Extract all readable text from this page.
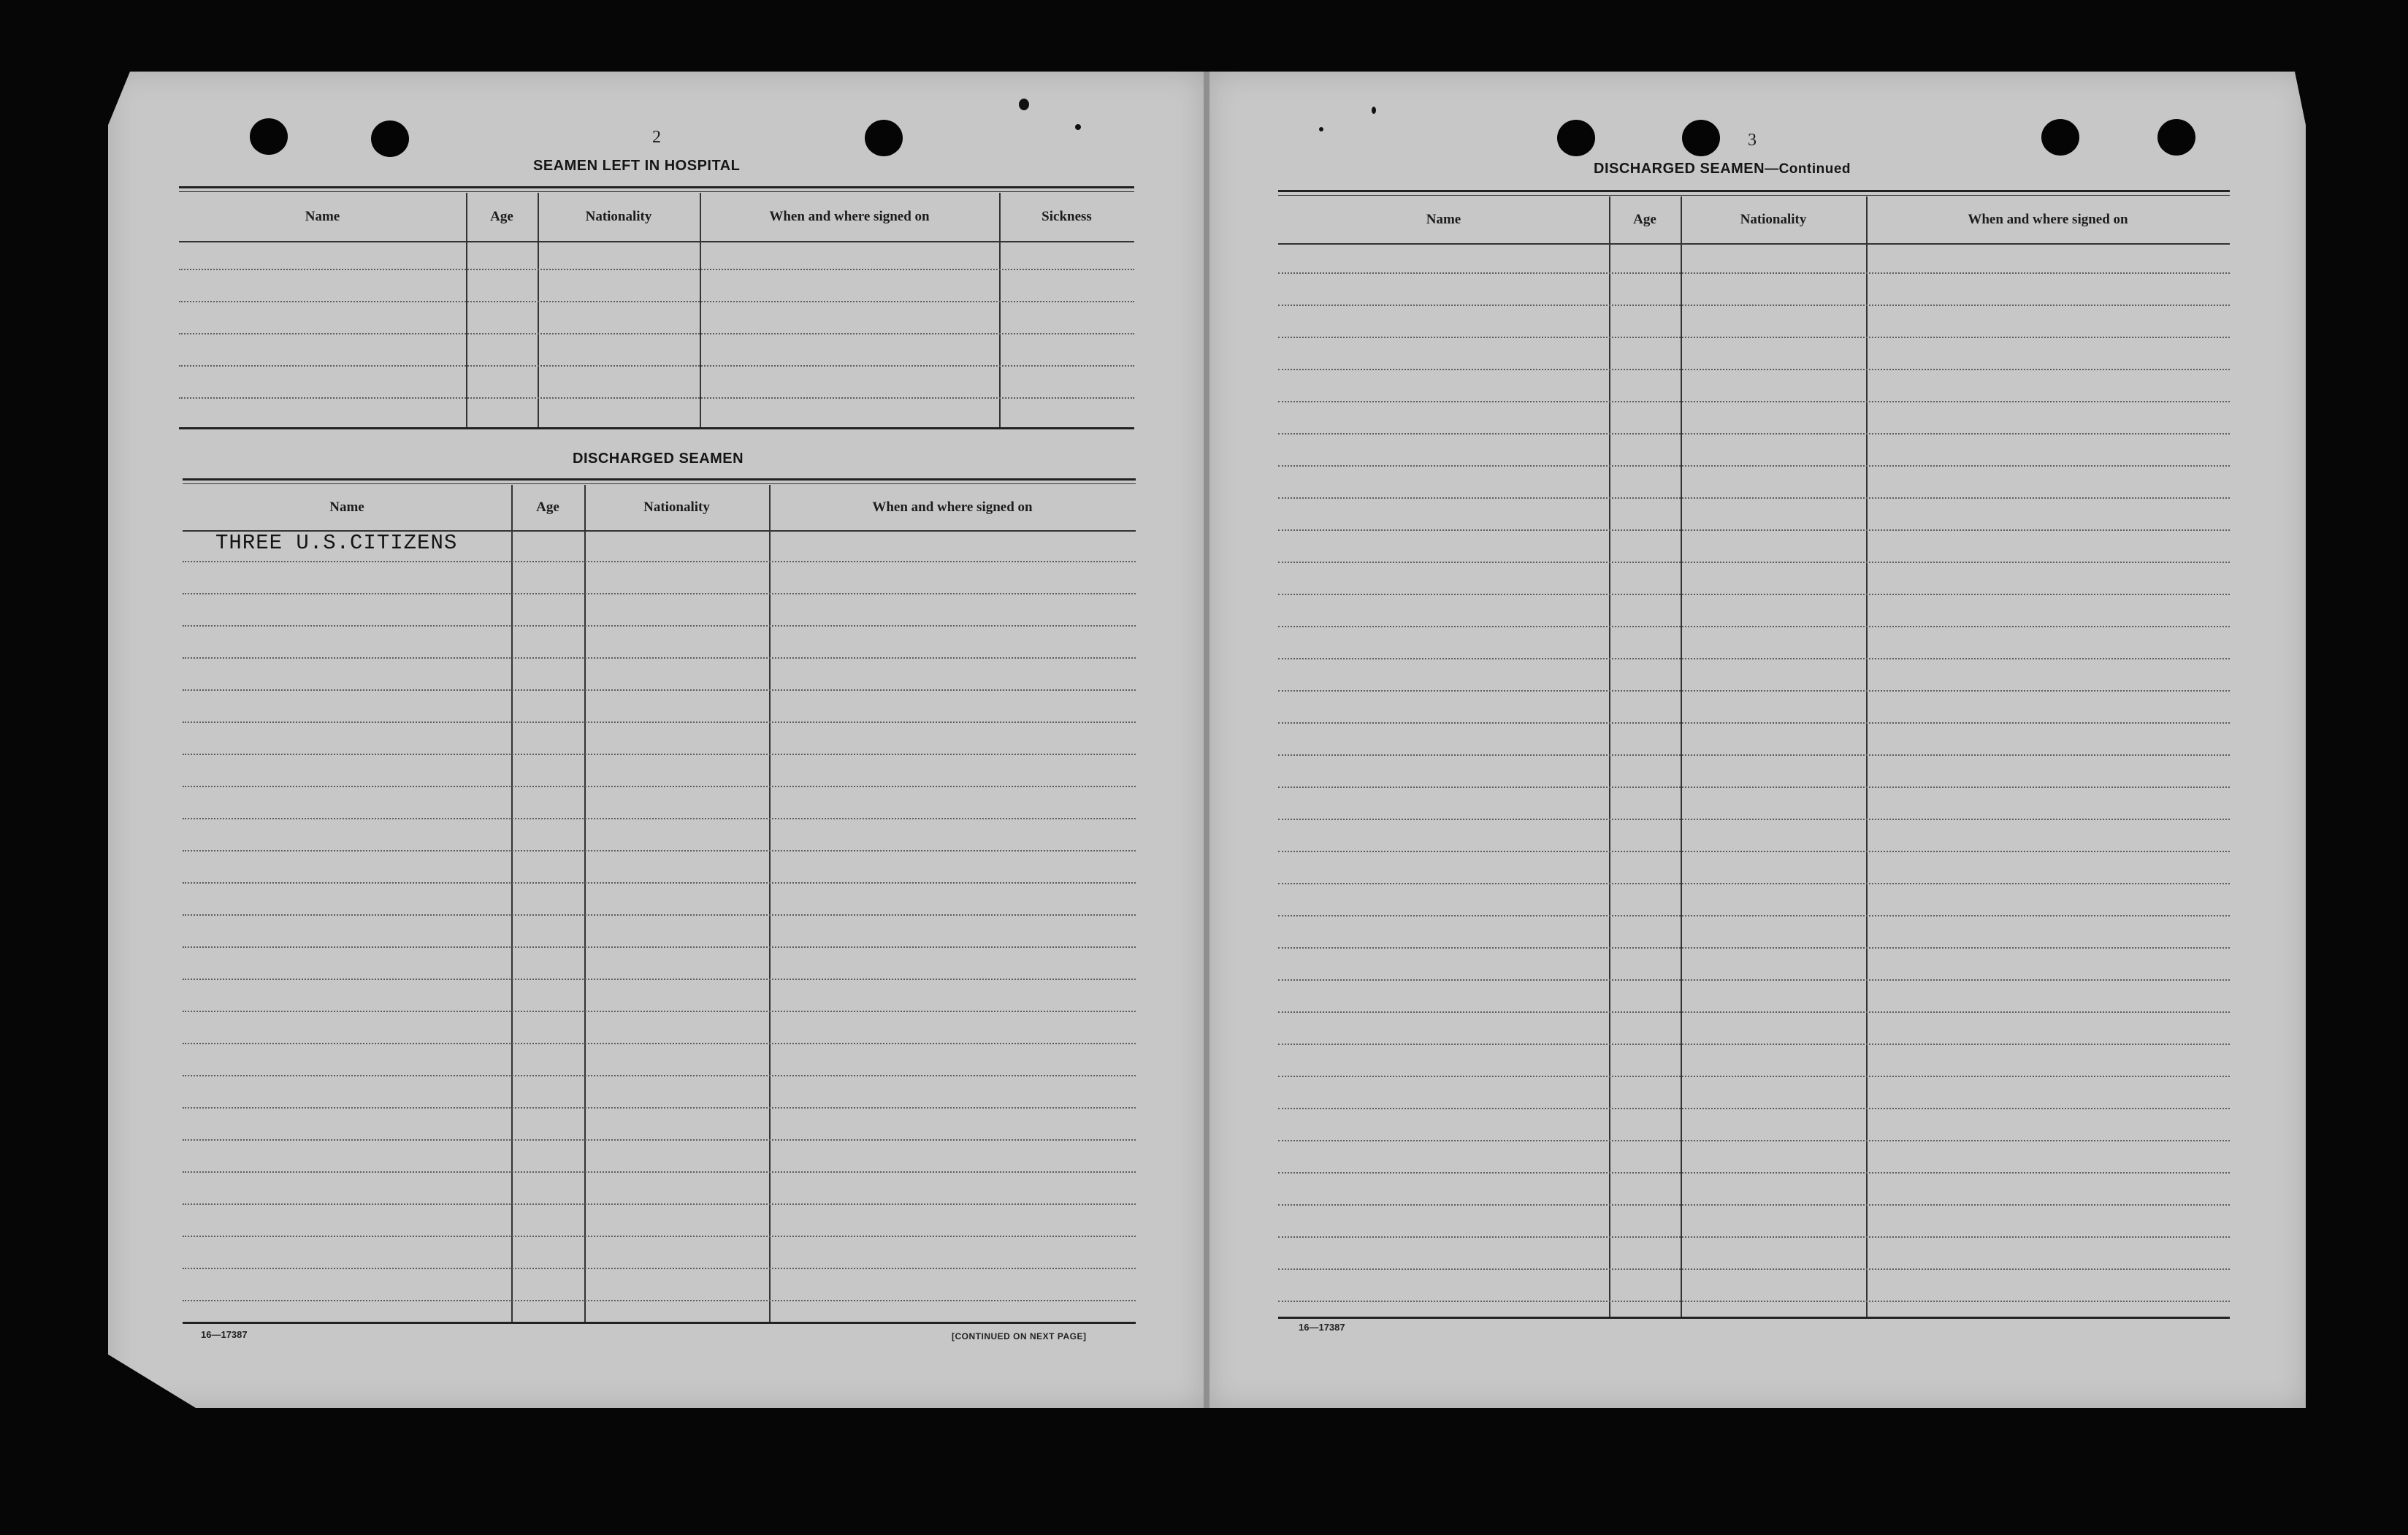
2
SEAMEN LEFT IN HOSPITAL
Name	Age	Nationality	When and where signed on	Sickness
DISCHARGED SEAMEN
Name	Age	Nationality	When and where signed on
THREE U.S.CITIZENS
16—17387	[CONTINUED ON NEXT PAGE]
3
DISCHARGED SEAMEN—Continued
Name	Age	Nationality	When and where signed on
16—17387
